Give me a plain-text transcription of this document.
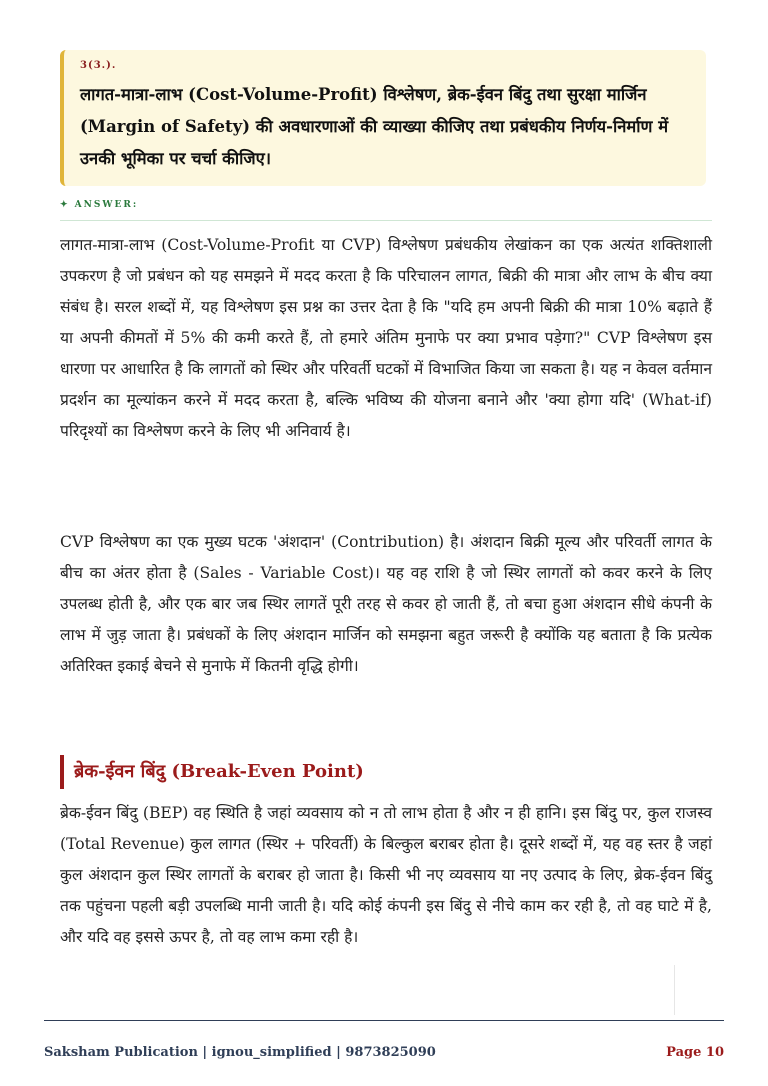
3(3.).
लागत-मात्रा-लाभ (Cost-Volume-Profit) विश्लेषण, ब्रेक-ईवन बिंदु तथा सुरक्षा मार्जिन (Margin of Safety) की अवधारणाओं की व्याख्या कीजिए तथा प्रबंधकीय निर्णय-निर्माण में उनकी भूमिका पर चर्चा कीजिए।
✦ ANSWER:

लागत-मात्रा-लाभ (Cost-Volume-Profit या CVP) विश्लेषण प्रबंधकीय लेखांकन का एक अत्यंत शक्तिशाली उपकरण है जो प्रबंधन को यह समझने में मदद करता है कि परिचालन लागत, बिक्री की मात्रा और लाभ के बीच क्या संबंध है। सरल शब्दों में, यह विश्लेषण इस प्रश्न का उत्तर देता है कि "यदि हम अपनी बिक्री की मात्रा 10% बढ़ाते हैं या अपनी कीमतों में 5% की कमी करते हैं, तो हमारे अंतिम मुनाफे पर क्या प्रभाव पड़ेगा?" CVP विश्लेषण इस धारणा पर आधारित है कि लागतों को स्थिर और परिवर्ती घटकों में विभाजित किया जा सकता है। यह न केवल वर्तमान प्रदर्शन का मूल्यांकन करने में मदद करता है, बल्कि भविष्य की योजना बनाने और 'क्या होगा यदि' (What-if) परिदृश्यों का विश्लेषण करने के लिए भी अनिवार्य है।

CVP विश्लेषण का एक मुख्य घटक 'अंशदान' (Contribution) है। अंशदान बिक्री मूल्य और परिवर्ती लागत के बीच का अंतर होता है (Sales - Variable Cost)। यह वह राशि है जो स्थिर लागतों को कवर करने के लिए उपलब्ध होती है, और एक बार जब स्थिर लागतें पूरी तरह से कवर हो जाती हैं, तो बचा हुआ अंशदान सीधे कंपनी के लाभ में जुड़ जाता है। प्रबंधकों के लिए अंशदान मार्जिन को समझना बहुत जरूरी है क्योंकि यह बताता है कि प्रत्येक अतिरिक्त इकाई बेचने से मुनाफे में कितनी वृद्धि होगी।

ब्रेक-ईवन बिंदु (Break-Even Point)

ब्रेक-ईवन बिंदु (BEP) वह स्थिति है जहां व्यवसाय को न तो लाभ होता है और न ही हानि। इस बिंदु पर, कुल राजस्व (Total Revenue) कुल लागत (स्थिर + परिवर्ती) के बिल्कुल बराबर होता है। दूसरे शब्दों में, यह वह स्तर है जहां कुल अंशदान कुल स्थिर लागतों के बराबर हो जाता है। किसी भी नए व्यवसाय या नए उत्पाद के लिए, ब्रेक-ईवन बिंदु तक पहुंचना पहली बड़ी उपलब्धि मानी जाती है। यदि कोई कंपनी इस बिंदु से नीचे काम कर रही है, तो वह घाटे में है, और यदि वह इससे ऊपर है, तो वह लाभ कमा रही है।

Saksham Publication | ignou_simplified | 9873825090	Page 10
